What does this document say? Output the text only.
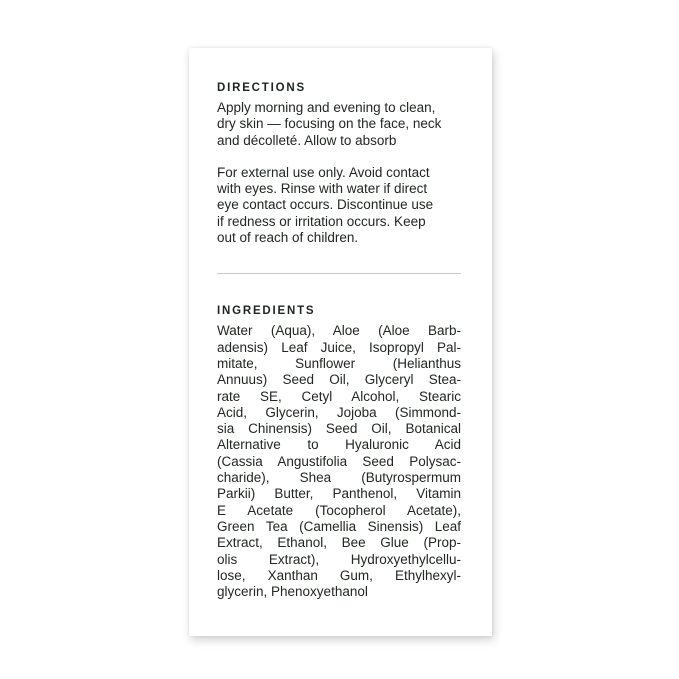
DIRECTIONS
Apply morning and evening to clean,
dry skin — focusing on the face, neck
and décolleté. Allow to absorb
For external use only. Avoid contact
with eyes. Rinse with water if direct
eye contact occurs. Discontinue use
if redness or irritation occurs. Keep
out of reach of children.
INGREDIENTS
Water (Aqua), Aloe (Aloe Barb-
adensis) Leaf Juice, Isopropyl Pal-
mitate, Sunflower (Helianthus
Annuus) Seed Oil, Glyceryl Stea-
rate SE, Cetyl Alcohol, Stearic
Acid, Glycerin, Jojoba (Simmond-
sia Chinensis) Seed Oil, Botanical
Alternative to Hyaluronic Acid
(Cassia Angustifolia Seed Polysac-
charide), Shea (Butyrospermum
Parkii) Butter, Panthenol, Vitamin
E Acetate (Tocopherol Acetate),
Green Tea (Camellia Sinensis) Leaf
Extract, Ethanol, Bee Glue (Prop-
olis Extract), Hydroxyethylcellu-
lose, Xanthan Gum, Ethylhexyl-
glycerin, Phenoxyethanol
